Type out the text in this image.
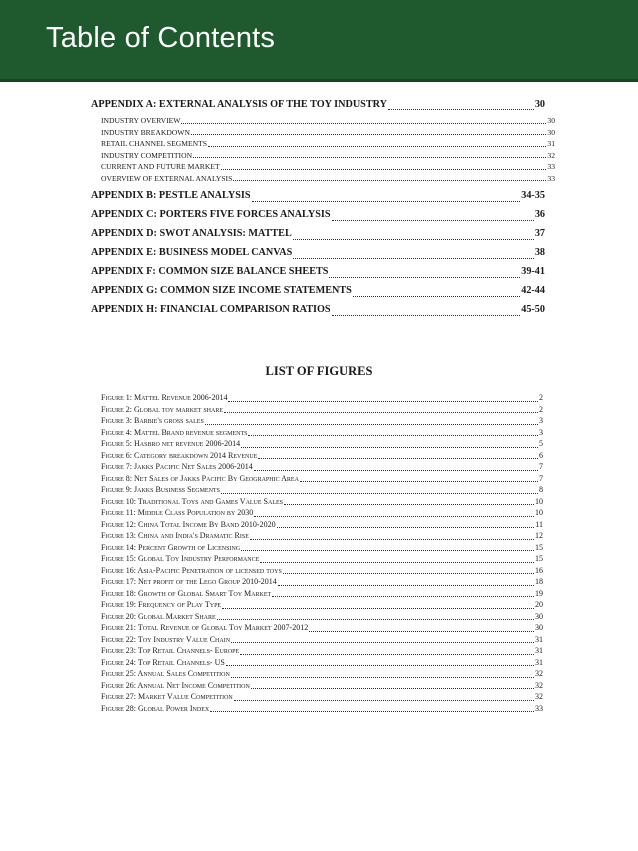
Table of Contents
APPENDIX A: EXTERNAL ANALYSIS OF THE TOY INDUSTRY	30
INDUSTRY OVERVIEW	30
INDUSTRY BREAKDOWN	30
RETAIL CHANNEL SEGMENTS	31
INDUSTRY COMPETITION	32
CURRENT AND FUTURE MARKET	33
OVERVIEW OF EXTERNAL ANALYSIS	33
APPENDIX B: PESTLE ANALYSIS	34-35
APPENDIX C: PORTERS FIVE FORCES ANALYSIS	36
APPENDIX D: SWOT ANALYSIS: MATTEL	37
APPENDIX E: BUSINESS MODEL CANVAS	38
APPENDIX F: COMMON SIZE BALANCE SHEETS	39-41
APPENDIX G: COMMON SIZE INCOME STATEMENTS	42-44
APPENDIX H: FINANCIAL COMPARISON RATIOS	45-50
LIST OF FIGURES
Figure 1: Mattel Revenue 2006-2014	2
Figure 2: Global toy market share	2
Figure 3: Barbie's gross sales	3
Figure 4: Mattel Brand revenue segments	3
Figure 5: Hasbro net revenue 2006-2014	5
Figure 6: Category breakdown 2014 Revenue	6
Figure 7: Jakks Pacific Net Sales 2006-2014	7
Figure 8: Net Sales of Jakks Pacific By Geographic Area	7
Figure 9: Jakks Business Segments	8
Figure 10: Traditional Toys and Games Value Sales	10
Figure 11: Middle Class Population by 2030	10
Figure 12: China Total Income By Band 2010-2020	11
Figure 13: China and India's Dramatic Rise	12
Figure 14: Percent Growth of Licensing	15
Figure 15: Global Toy Industry Performance	15
Figure 16: Asia-Pacific Penetration of licensed toys	16
Figure 17: Net profit of the Lego Group 2010-2014	18
Figure 18: Growth of Global Smart Toy Market	19
Figure 19: Frequency of Play Type	20
Figure 20: Global Market Share	30
Figure 21: Total Revenue of Global Toy Market 2007-2012	30
Figure 22: Toy Industry Value Chain	31
Figure 23: Top Retail Channels- Europe	31
Figure 24: Top Retail Channels- US	31
Figure 25: Annual Sales Competition	32
Figure 26: Annual Net Income Competition	32
Figure 27: Market Value Competition	32
Figure 28: Global Power Index	33
